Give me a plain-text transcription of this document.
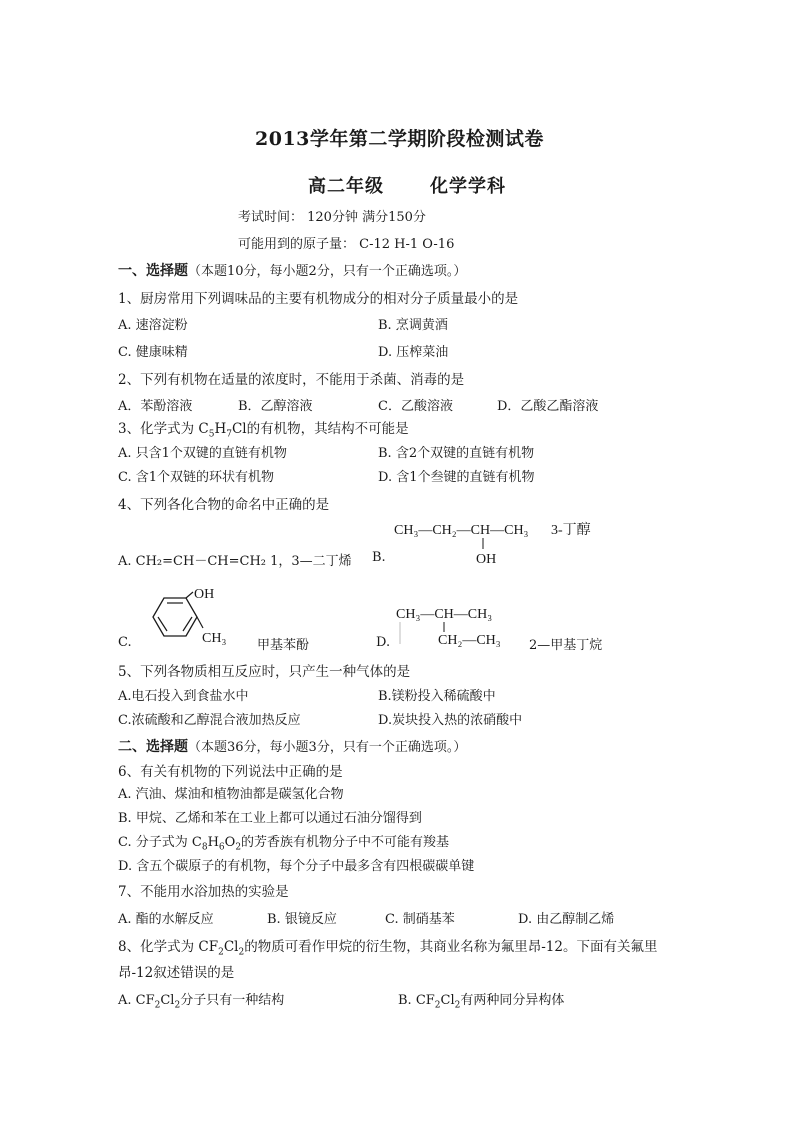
2013学年第二学期阶段检测试卷
高二年级	化学学科
考试时间： 120分钟 满分150分
可能用到的原子量： C-12 H-1 O-16
一、选择题（本题10分，每小题2分，只有一个正确选项。）
1、厨房常用下列调味品的主要有机物成分的相对分子质量最小的是
A. 速溶淀粉	B. 烹调黄酒
C. 健康味精	D. 压榨菜油
2、下列有机物在适量的浓度时，不能用于杀菌、消毒的是
A．苯酚溶液	B．乙醇溶液	C．乙酸溶液	D．乙酸乙酯溶液
3、化学式为 $C_5H_7Cl$的有机物，其结构不可能是
A. 只含1个双键的直链有机物	B. 含2个双键的直链有机物
C. 含1个双链的环状有机物	D. 含1个叁键的直链有机物
4、下列各化合物的命名中正确的是
A. CH₂=CH－CH=CH₂ 1，3—二丁烯 B.
CH₃—CH₂—CH—CH₃
OH
3-丁醇
C.
OH
CH₃ 甲基苯酚	D.
CH₃—CH—CH₃
CH₂—CH₃ 2—甲基丁烷
5、下列各物质相互反应时，只产生一种气体的是
A.电石投入到食盐水中	B.镁粉投入稀硫酸中
C.浓硫酸和乙醇混合液加热反应	D.炭块投入热的浓硝酸中
二、选择题（本题36分，每小题3分，只有一个正确选项。）
6、有关有机物的下列说法中正确的是
A. 汽油、煤油和植物油都是碳氢化合物
B. 甲烷、乙烯和苯在工业上都可以通过石油分馏得到
C. 分子式为 $C_8H_6O_2$的芳香族有机物分子中不可能有羧基
D. 含五个碳原子的有机物，每个分子中最多含有四根碳碳单键
7、不能用水浴加热的实验是
A. 酯的水解反应	B. 银镜反应	C. 制硝基苯	D. 由乙醇制乙烯
8、化学式为 $CF_2Cl_2$的物质可看作甲烷的衍生物，其商业名称为氟里昂-12。下面有关氟里
昂-12叙述错误的是
A. $CF_2Cl_2$分子只有一种结构	B. $CF_2Cl_2$有两种同分异构体
